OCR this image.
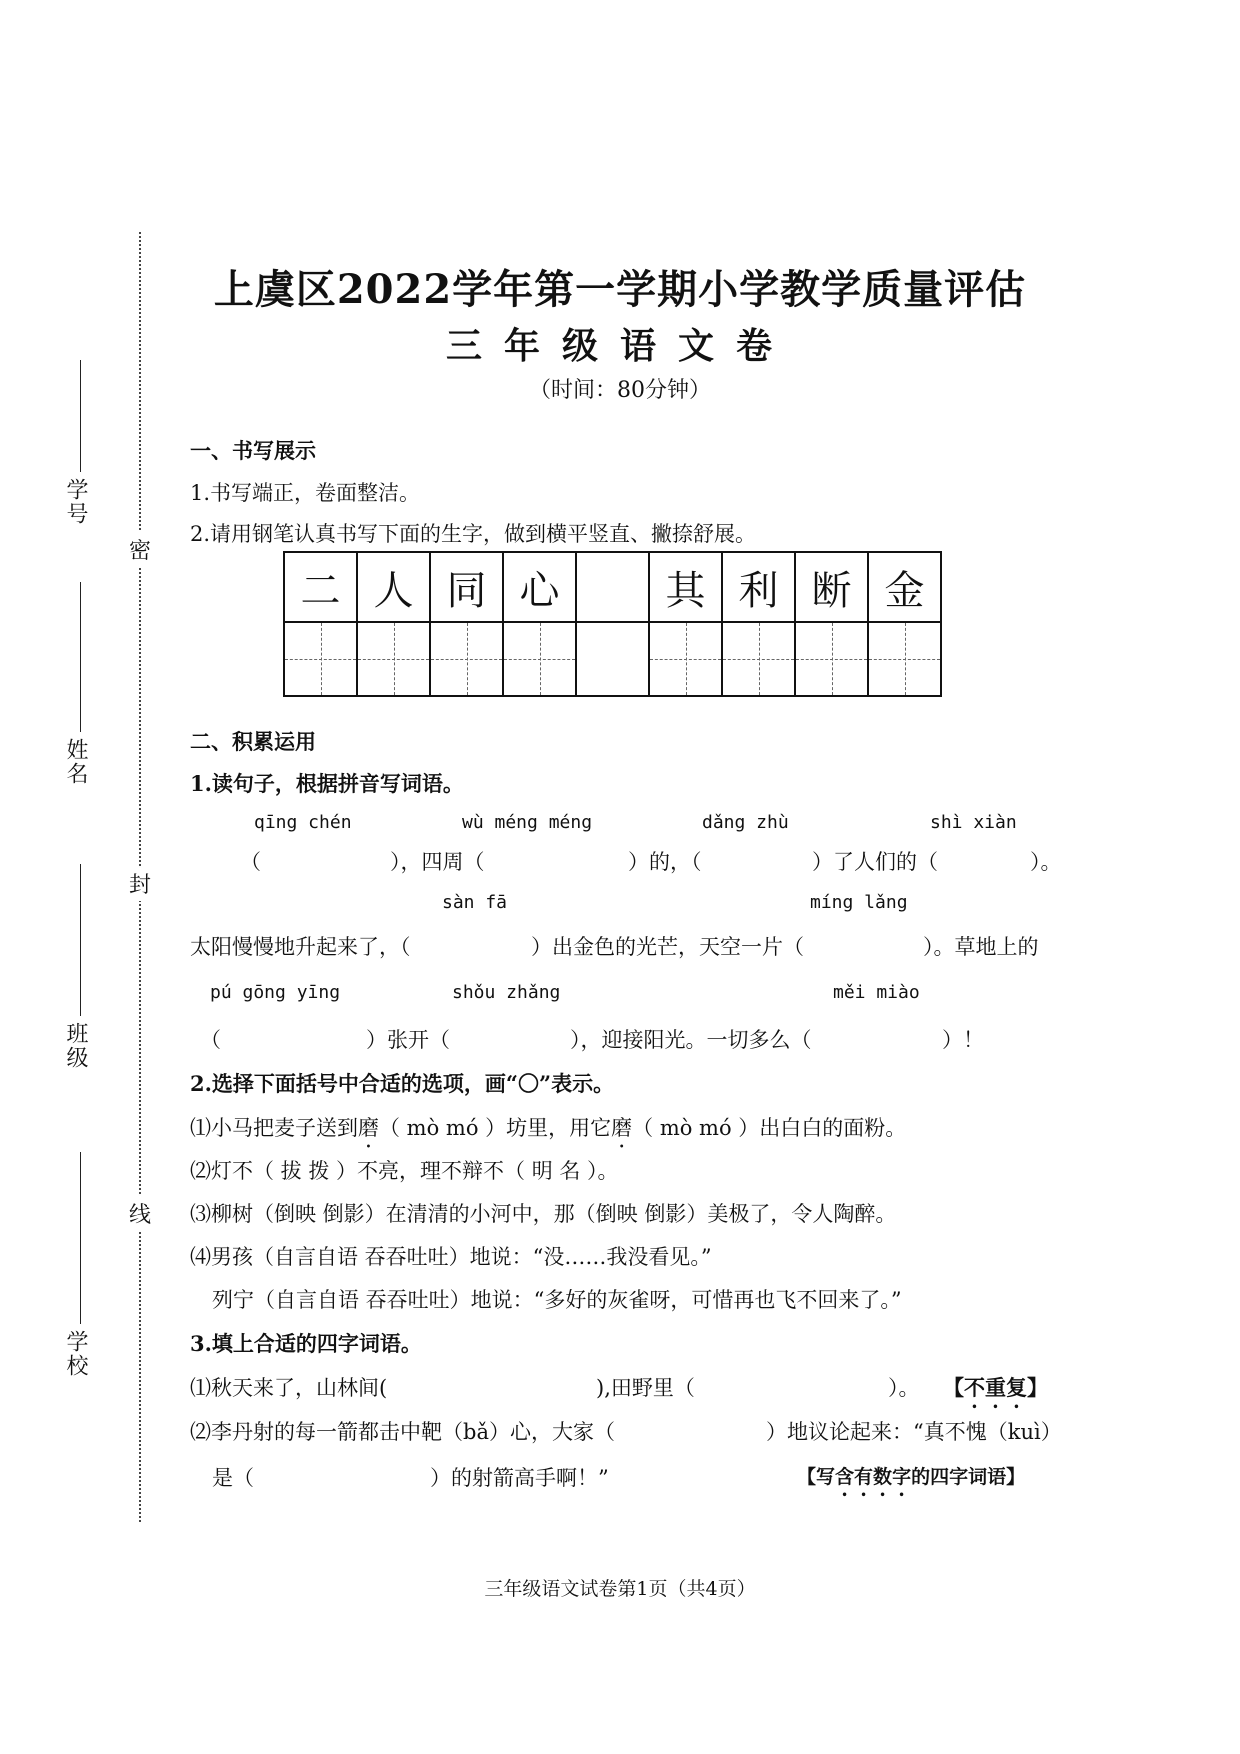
学号
姓名
班级
学校
密
封
线
上虞区2022学年第一学期小学教学质量评估
三年级语文卷
（时间：80分钟）
一、书写展示
1.书写端正，卷面整洁。
2.请用钢笔认真书写下面的生字，做到横平竖直、撇捺舒展。
二	人	同	心		其	利	断	金

二、积累运用
1.读句子，根据拼音写词语。
qīng chén	wù méng méng	dǎng zhù	shì xiàn
（	），四周（	）的，（	）了人们的（	）。
sàn fā	míng lǎng
太阳慢慢地升起来了，（	）出金色的光芒，天空一片（	）。草地上的
pú gōng yīng	shǒu zhǎng	měi miào
（	）张开（	），迎接阳光。一切多么（	）！
2.选择下面括号中合适的选项，画“〇”表示。
⑴小马把麦子送到磨（ mò mó ）坊里，用它磨（ mò mó ）出白白的面粉。
⑵灯不（ 拔 拨 ）不亮，理不辩不（ 明 名 ）。
⑶柳树（倒映 倒影）在清清的小河中，那（倒映 倒影）美极了，令人陶醉。
⑷男孩（自言自语 吞吞吐吐）地说：“没……我没看见。”
列宁（自言自语 吞吞吐吐）地说：“多好的灰雀呀，可惜再也飞不回来了。”
3.填上合适的四字词语。
⑴秋天来了，山林间(	),田野里（	）。 【不重复】
⑵李丹射的每一箭都击中靶（bǎ）心，大家（	）地议论起来：“真不愧（kuì）
是（	）的射箭高手啊！”	【写含有数字的四字词语】
三年级语文试卷第1页（共4页）
